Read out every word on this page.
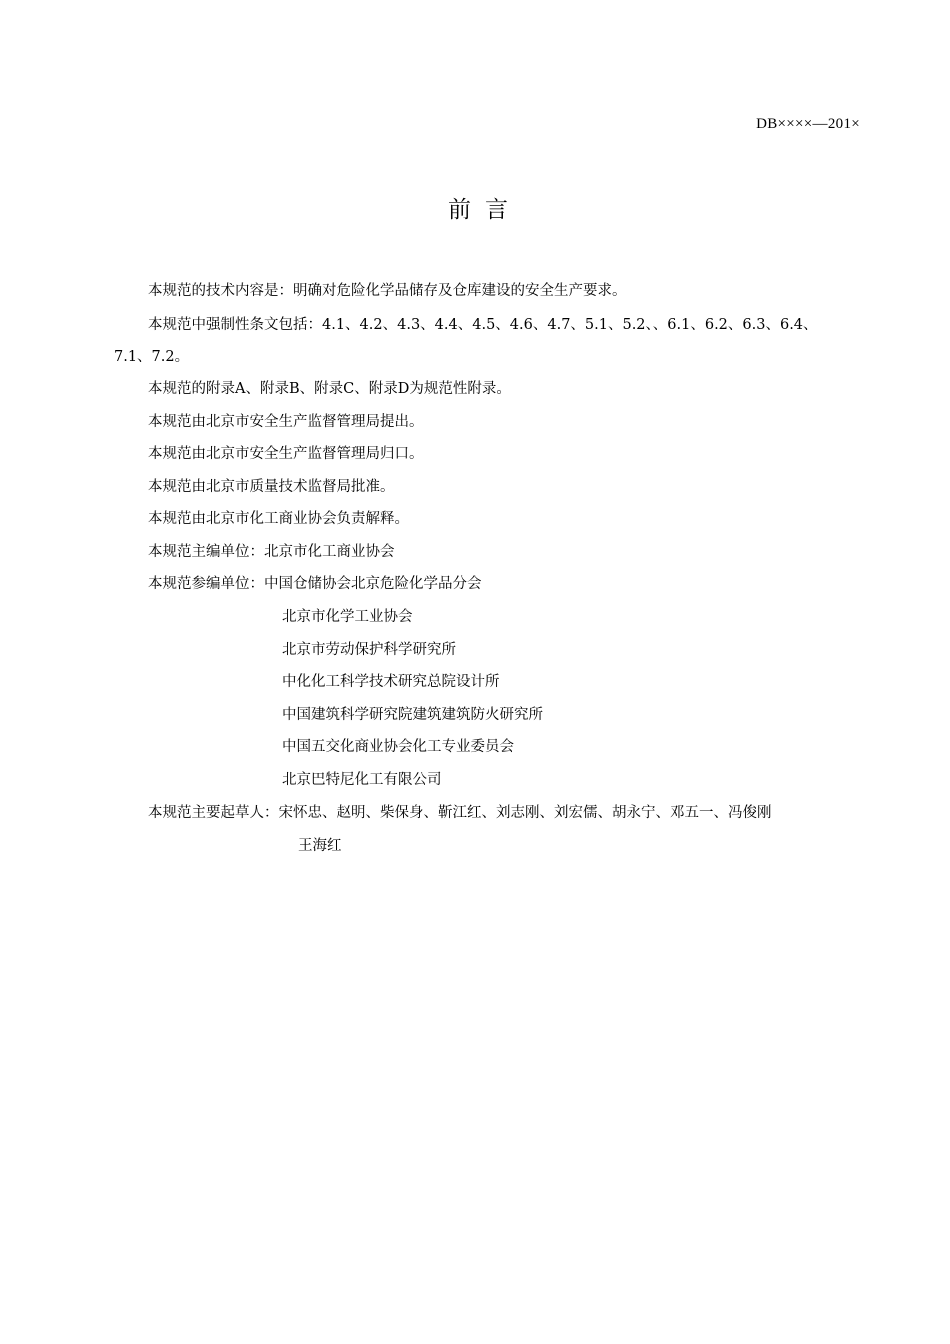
DB××××—201×
前言
本规范的技术内容是：明确对危险化学品储存及仓库建设的安全生产要求。
本规范中强制性条文包括：4.1、4.2、4.3、4.4、4.5、4.6、4.7、5.1、5.2、、6.1、6.2、6.3、6.4、
7.1、7.2。
本规范的附录A、附录B、附录C、附录D为规范性附录。
本规范由北京市安全生产监督管理局提出。
本规范由北京市安全生产监督管理局归口。
本规范由北京市质量技术监督局批准。
本规范由北京市化工商业协会负责解释。
本规范主编单位：北京市化工商业协会
本规范参编单位：中国仓储协会北京危险化学品分会
北京市化学工业协会
北京市劳动保护科学研究所
中化化工科学技术研究总院设计所
中国建筑科学研究院建筑建筑防火研究所
中国五交化商业协会化工专业委员会
北京巴特尼化工有限公司
本规范主要起草人：宋怀忠、赵明、柴保身、靳江红、刘志刚、刘宏儒、胡永宁、邓五一、冯俊刚
王海红
